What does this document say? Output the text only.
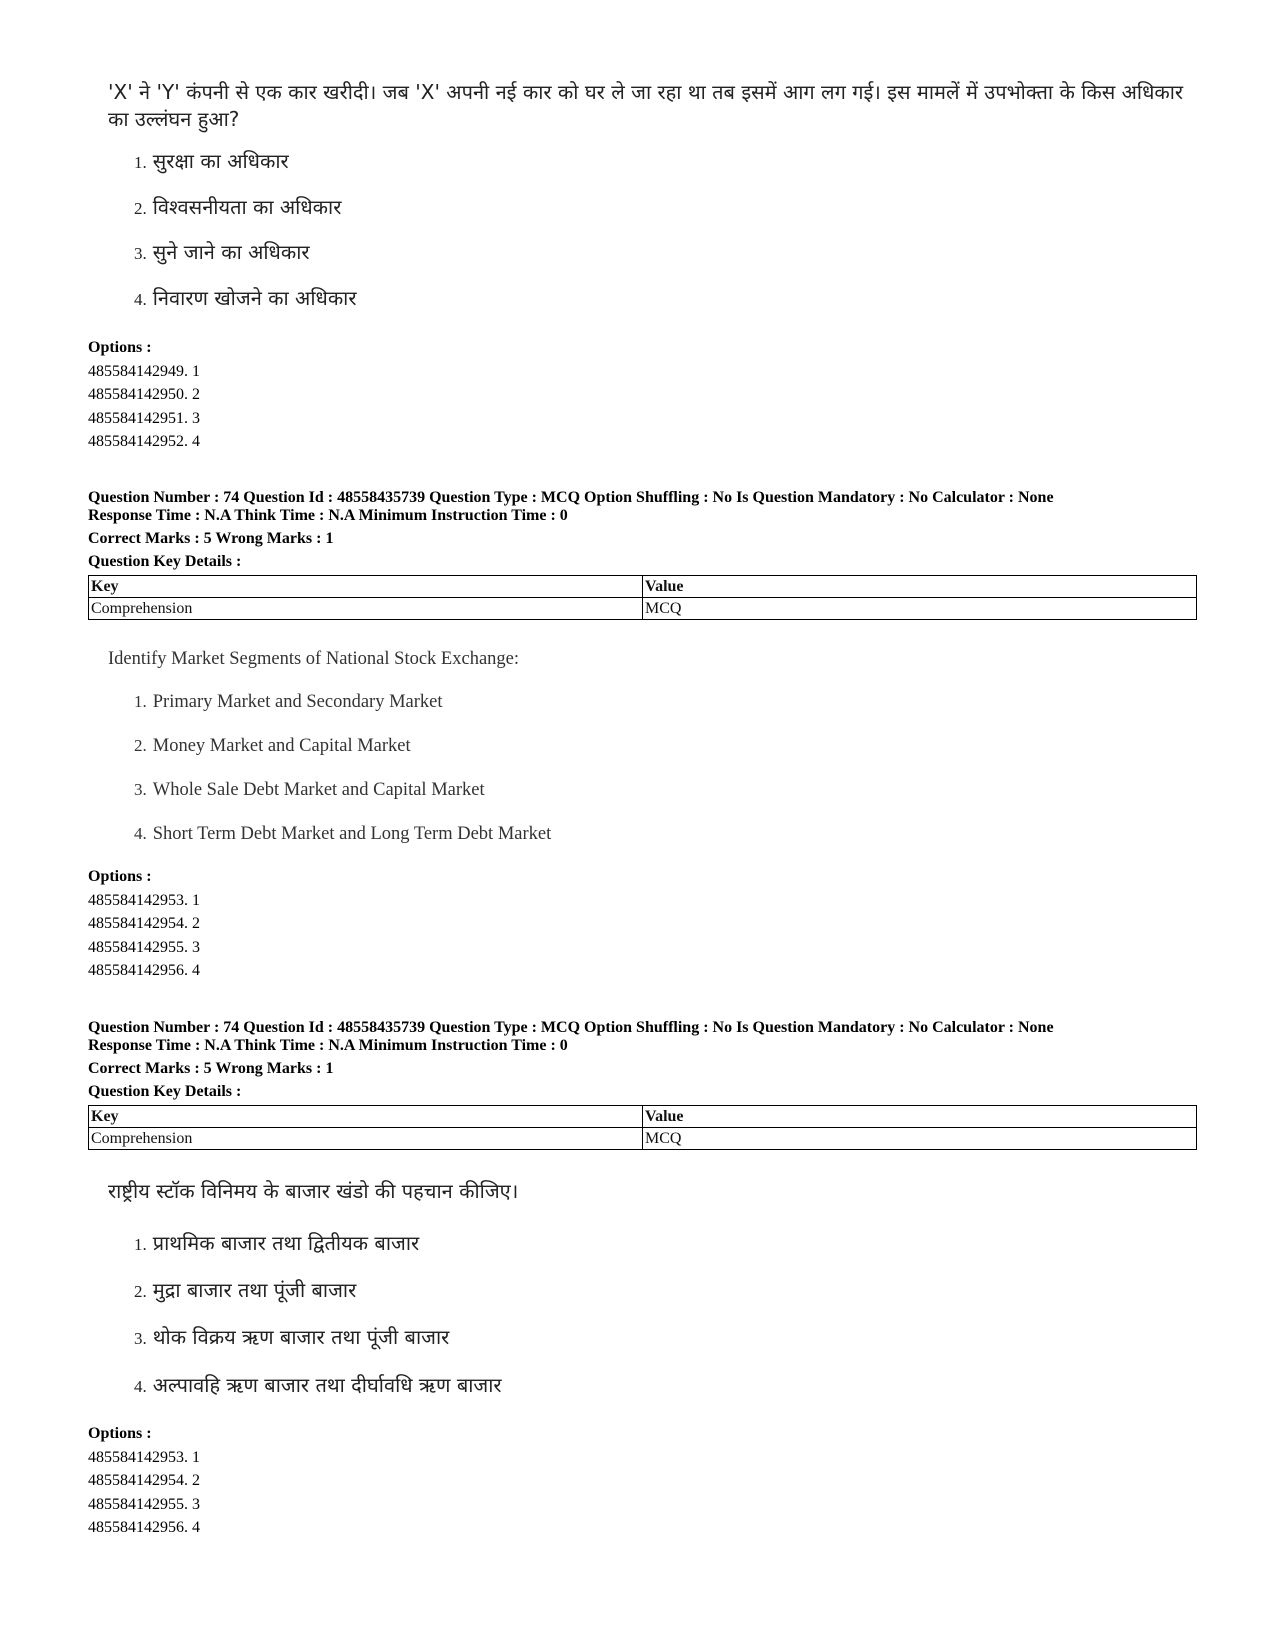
'X' ने 'Y' कंपनी से एक कार खरीदी। जब 'X' अपनी नई कार को घर ले जा रहा था तब इसमें आग लग गई। इस मामलें में उपभोक्ता के किस अधिकार का उल्लंघन हुआ?
1. सुरक्षा का अधिकार
2. विश्वसनीयता का अधिकार
3. सुने जाने का अधिकार
4. निवारण खोजने का अधिकार
Options :
485584142949. 1
485584142950. 2
485584142951. 3
485584142952. 4
Question Number : 74 Question Id : 48558435739 Question Type : MCQ Option Shuffling : No Is Question Mandatory : No Calculator : None
Response Time : N.A Think Time : N.A Minimum Instruction Time : 0
Correct Marks : 5 Wrong Marks : 1
Question Key Details :
Key	Value
Comprehension	MCQ
Identify Market Segments of National Stock Exchange:
1. Primary Market and Secondary Market
2. Money Market and Capital Market
3. Whole Sale Debt Market and Capital Market
4. Short Term Debt Market and Long Term Debt Market
Options :
485584142953. 1
485584142954. 2
485584142955. 3
485584142956. 4
Question Number : 74 Question Id : 48558435739 Question Type : MCQ Option Shuffling : No Is Question Mandatory : No Calculator : None
Response Time : N.A Think Time : N.A Minimum Instruction Time : 0
Correct Marks : 5 Wrong Marks : 1
Question Key Details :
Key	Value
Comprehension	MCQ
राष्ट्रीय स्टॉक विनिमय के बाजार खंडो की पहचान कीजिए।
1. प्राथमिक बाजार तथा द्वितीयक बाजार
2. मुद्रा बाजार तथा पूंजी बाजार
3. थोक विक्रय ऋण बाजार तथा पूंजी बाजार
4. अल्पावहि ऋण बाजार तथा दीर्घावधि ऋण बाजार
Options :
485584142953. 1
485584142954. 2
485584142955. 3
485584142956. 4
